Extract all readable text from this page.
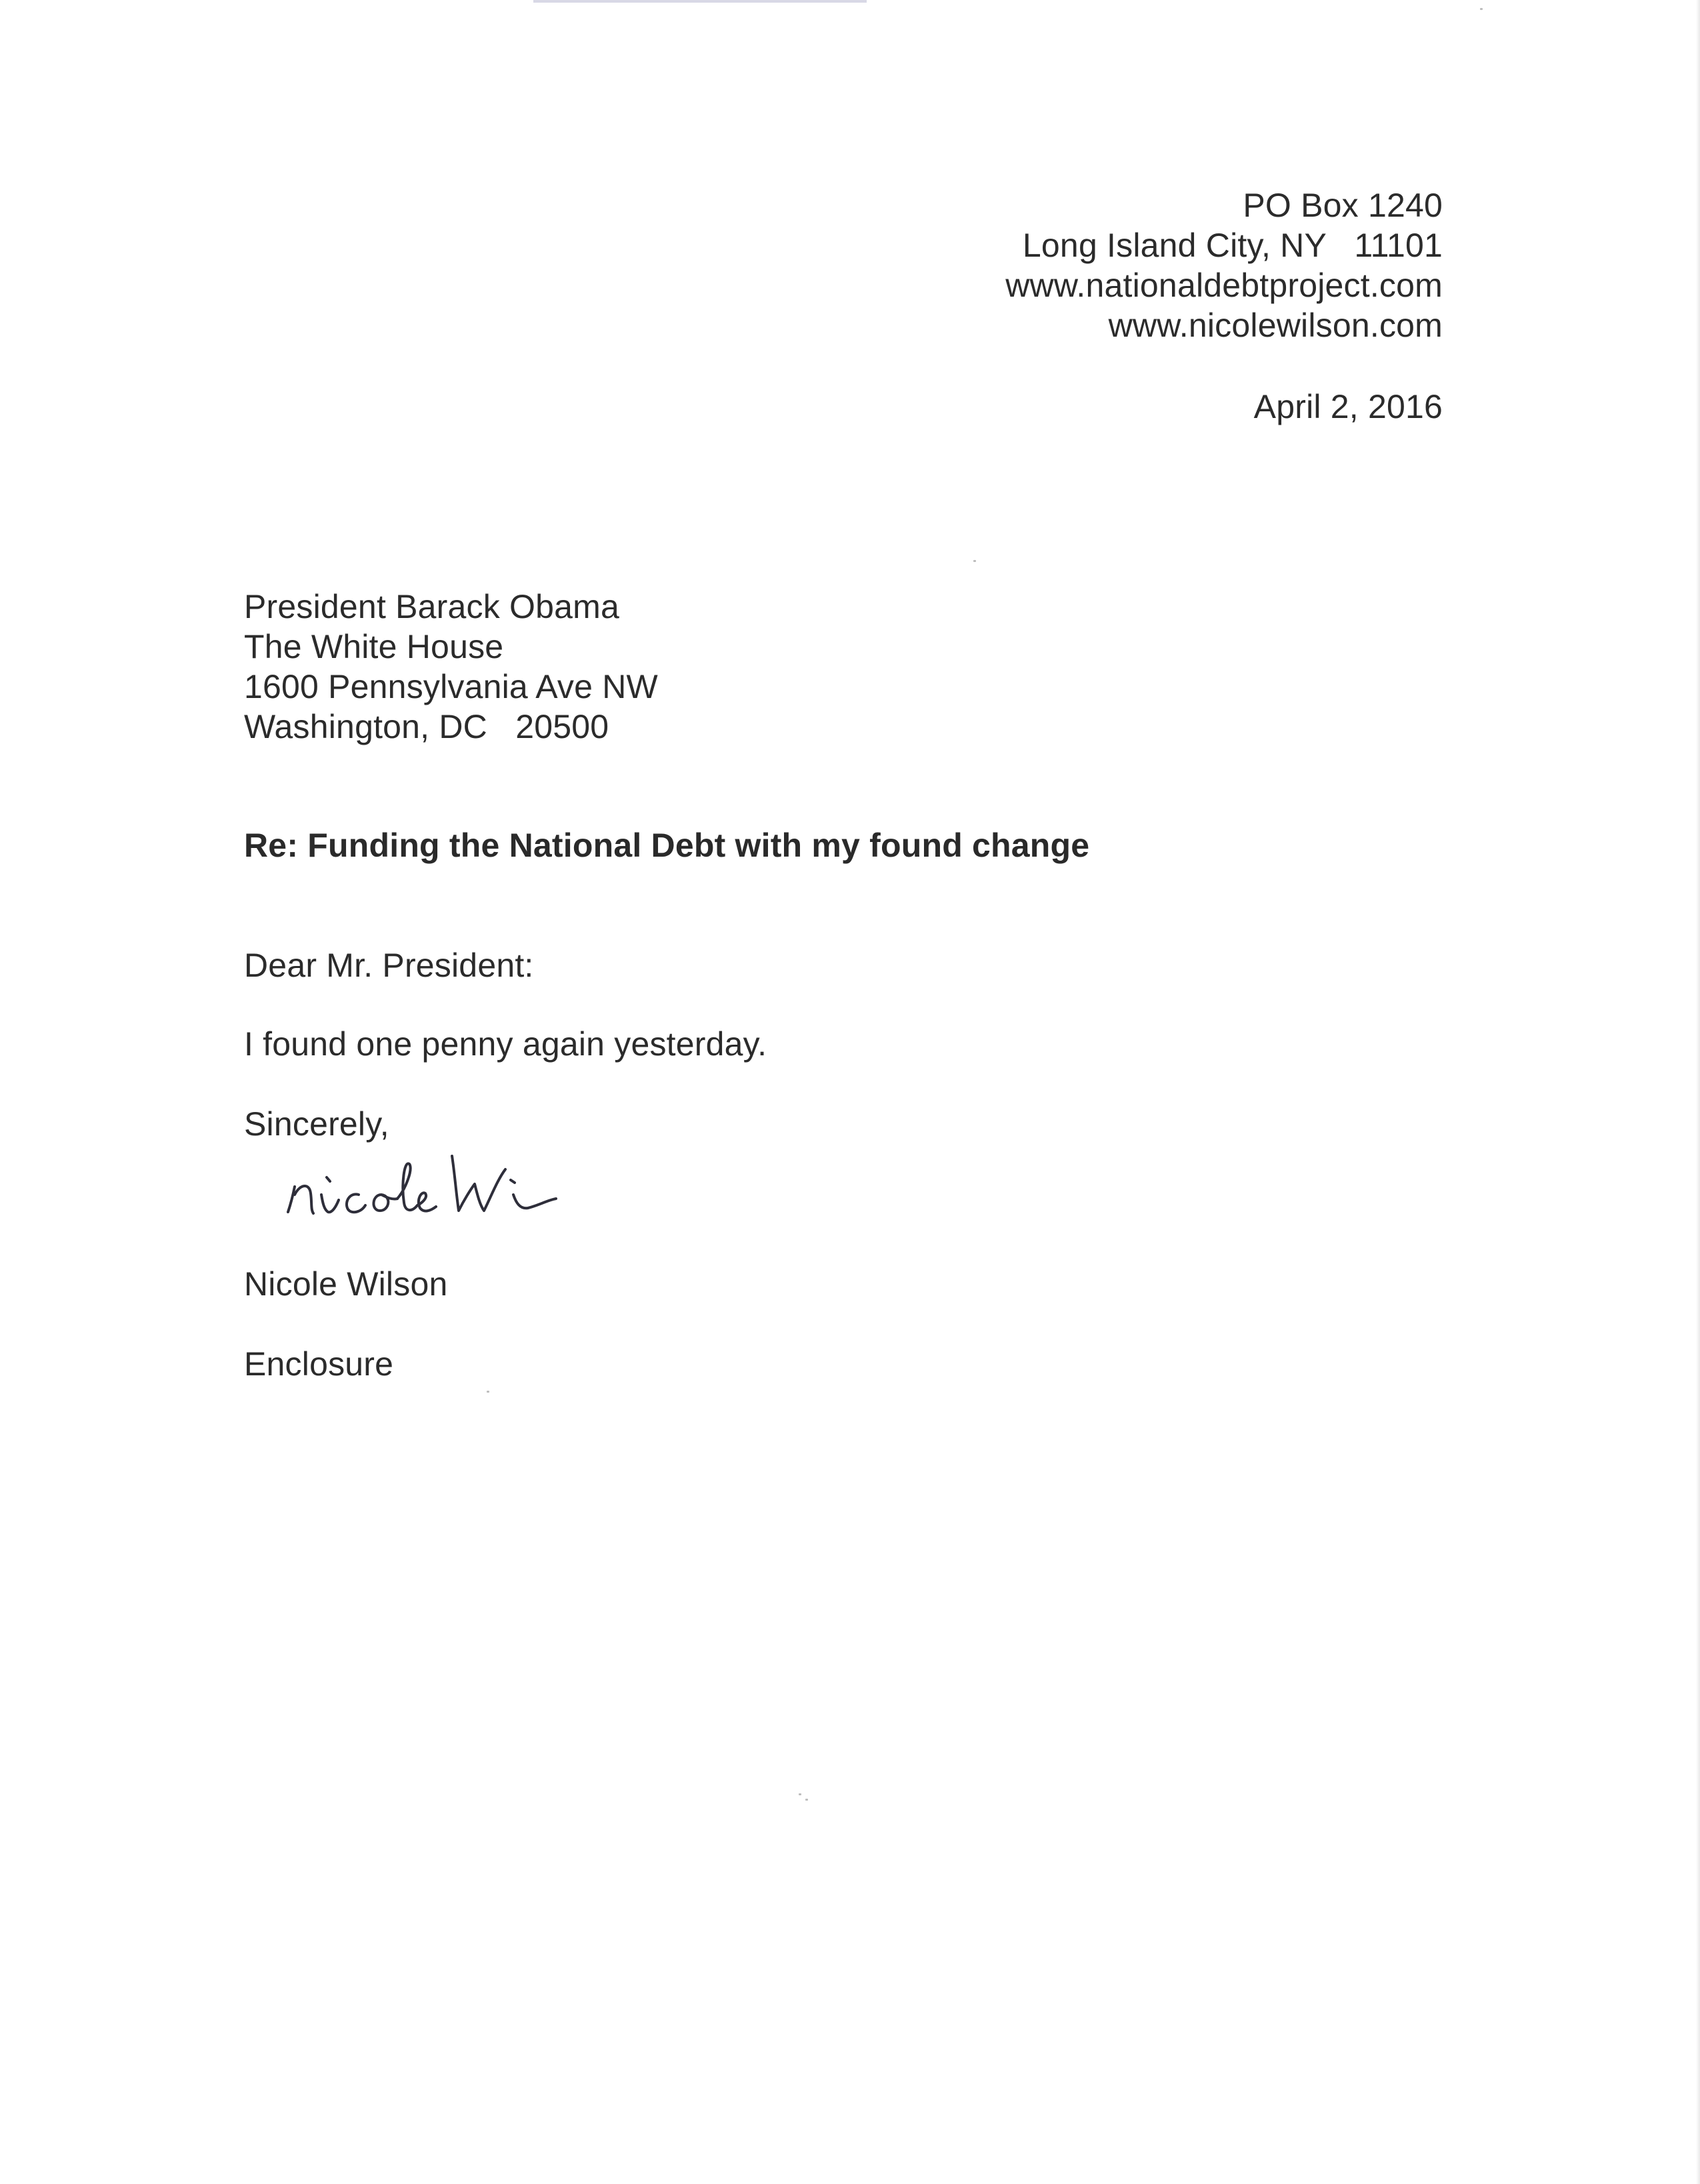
PO Box 1240
Long Island City, NY   11101
www.nationaldebtproject.com
www.nicolewilson.com
April 2, 2016
President Barack Obama
The White House
1600 Pennsylvania Ave NW
Washington, DC   20500
Re: Funding the National Debt with my found change
Dear Mr. President:
I found one penny again yesterday.
Sincerely,
Nicole Wilson
Enclosure
